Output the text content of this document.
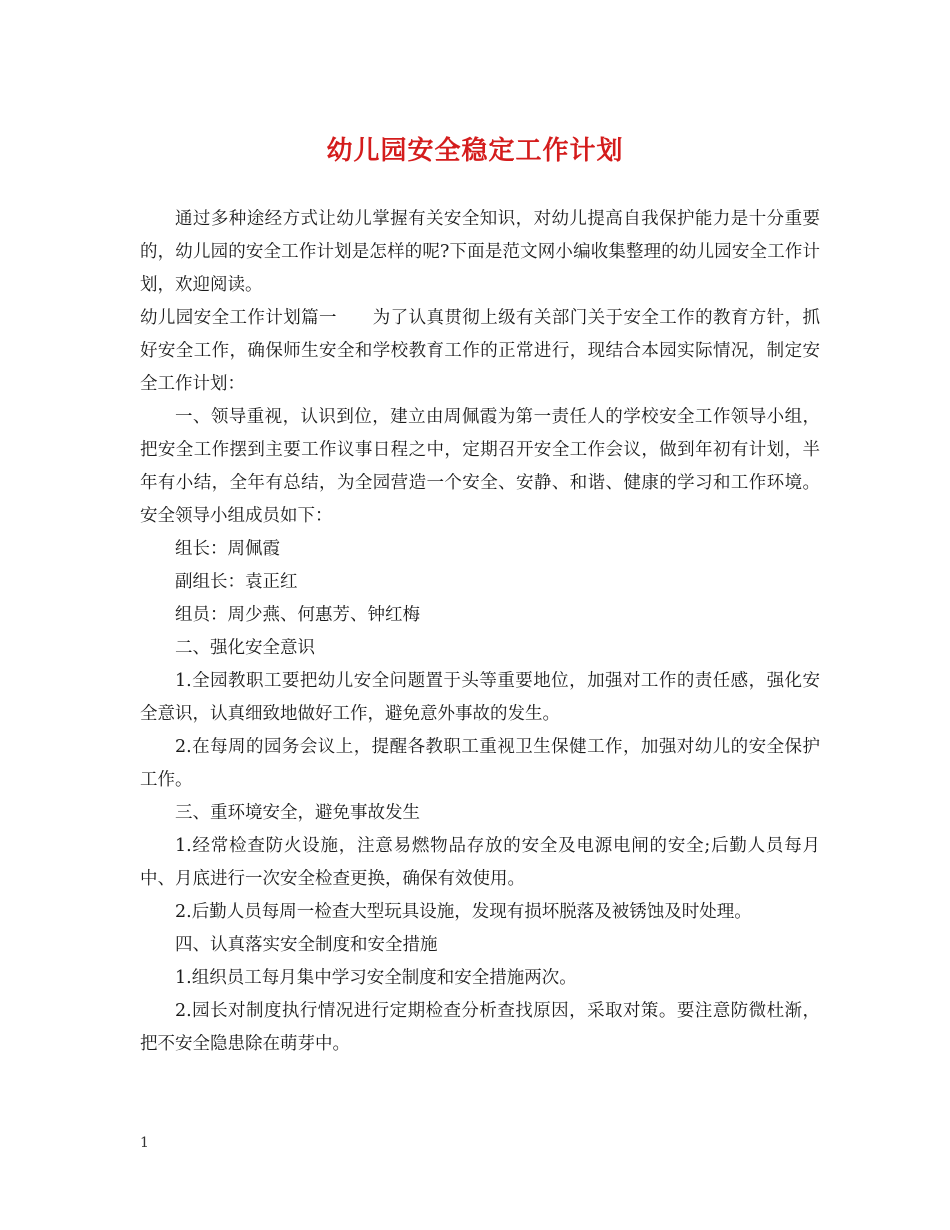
幼儿园安全稳定工作计划

通过多种途经方式让幼儿掌握有关安全知识，对幼儿提高自我保护能力是十分重要的，幼儿园的安全工作计划是怎样的呢?下面是范文网小编收集整理的幼儿园安全工作计划，欢迎阅读。

幼儿园安全工作计划篇一　　为了认真贯彻上级有关部门关于安全工作的教育方针，抓好安全工作，确保师生安全和学校教育工作的正常进行，现结合本园实际情况，制定安全工作计划：

一、领导重视，认识到位，建立由周佩霞为第一责任人的学校安全工作领导小组，把安全工作摆到主要工作议事日程之中，定期召开安全工作会议，做到年初有计划，半年有小结，全年有总结，为全园营造一个安全、安静、和谐、健康的学习和工作环境。安全领导小组成员如下：

组长：周佩霞

副组长：袁正红

组员：周少燕、何惠芳、钟红梅

二、强化安全意识

1.全园教职工要把幼儿安全问题置于头等重要地位，加强对工作的责任感，强化安全意识，认真细致地做好工作，避免意外事故的发生。

2.在每周的园务会议上，提醒各教职工重视卫生保健工作，加强对幼儿的安全保护工作。

三、重环境安全，避免事故发生

1.经常检查防火设施，注意易燃物品存放的安全及电源电闸的安全;后勤人员每月中、月底进行一次安全检查更换，确保有效使用。

2.后勤人员每周一检查大型玩具设施，发现有损坏脱落及被锈蚀及时处理。

四、认真落实安全制度和安全措施

1.组织员工每月集中学习安全制度和安全措施两次。

2.园长对制度执行情况进行定期检查分析查找原因，采取对策。要注意防微杜渐，把不安全隐患除在萌芽中。

1
